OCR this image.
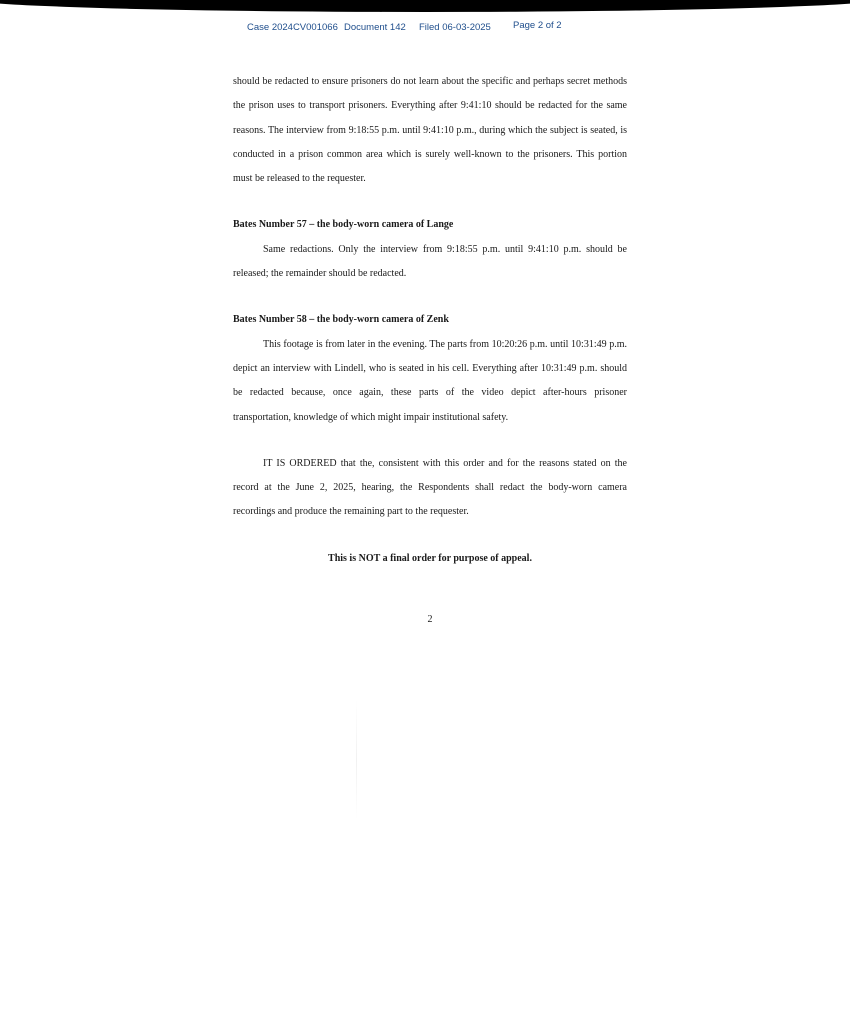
Case 2024CV001066 Document 142 Filed 06-03-2025 Page 2 of 2

should be redacted to ensure prisoners do not learn about the specific and perhaps secret methods the prison uses to transport prisoners. Everything after 9:41:10 should be redacted for the same reasons. The interview from 9:18:55 p.m. until 9:41:10 p.m., during which the subject is seated, is conducted in a prison common area which is surely well-known to the prisoners. This portion must be released to the requester.

Bates Number 57 – the body-worn camera of Lange

Same redactions. Only the interview from 9:18:55 p.m. until 9:41:10 p.m. should be released; the remainder should be redacted.

Bates Number 58 – the body-worn camera of Zenk

This footage is from later in the evening. The parts from 10:20:26 p.m. until 10:31:49 p.m. depict an interview with Lindell, who is seated in his cell. Everything after 10:31:49 p.m. should be redacted because, once again, these parts of the video depict after-hours prisoner transportation, knowledge of which might impair institutional safety.

IT IS ORDERED that the, consistent with this order and for the reasons stated on the record at the June 2, 2025, hearing, the Respondents shall redact the body-worn camera recordings and produce the remaining part to the requester.

This is NOT a final order for purpose of appeal.

2
